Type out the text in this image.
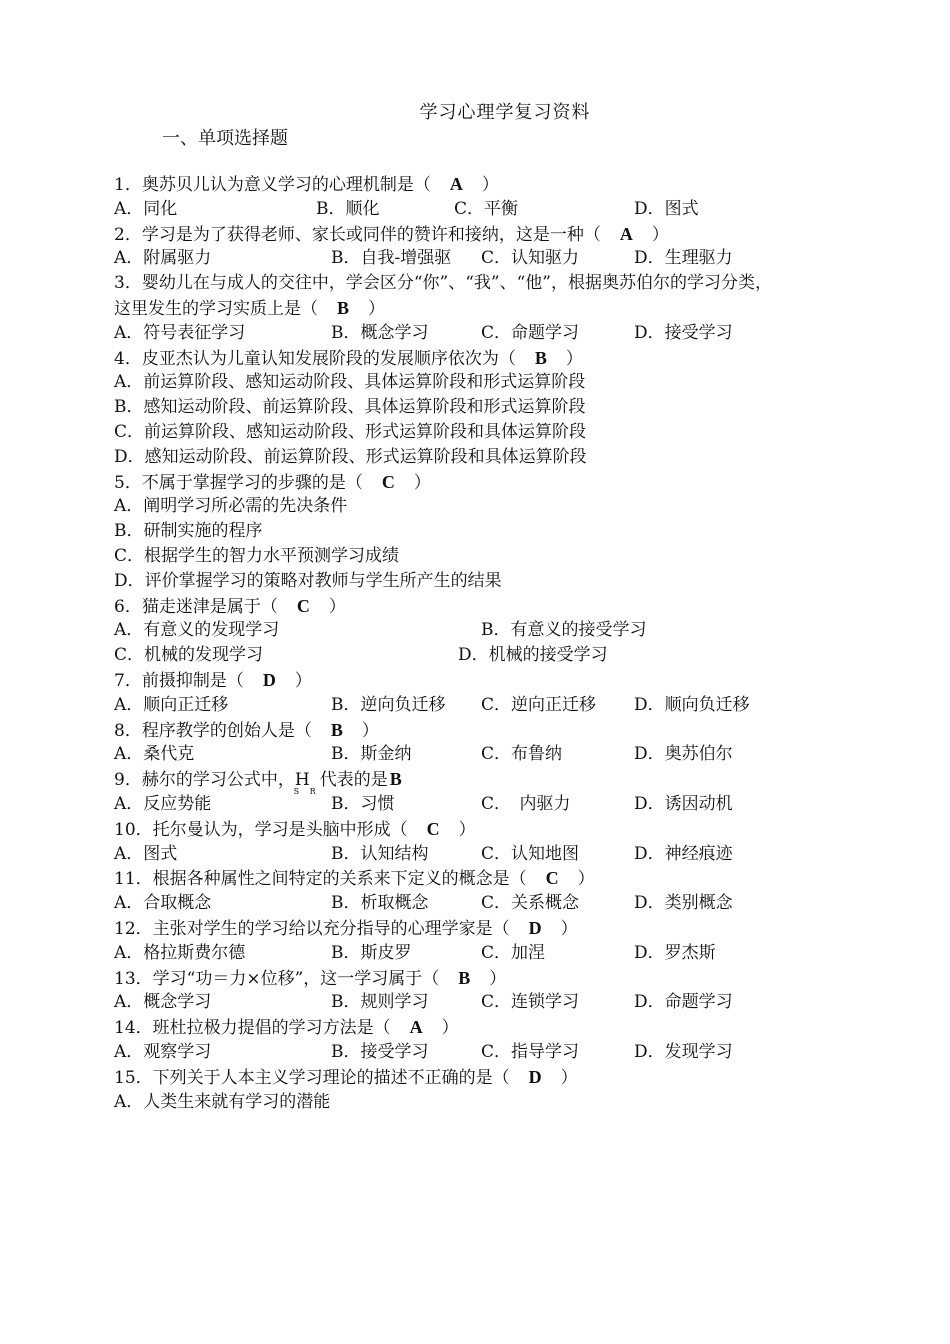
学习心理学复习资料
一、单项选择题
1．奥苏贝儿认为意义学习的心理机制是（　 A　 ）
A．同化	B．顺化	C．平衡	D．图式
2．学习是为了获得老师、家长或同伴的赞许和接纳，这是一种（　 A　 ）
A．附属驱力	B．自我-增强驱 C．认知驱力	D．生理驱力
3．婴幼儿在与成人的交往中，学会区分“你”、“我”、“他”，根据奥苏伯尔的学习分类，
这里发生的学习实质上是（　 B　 ）
A．符号表征学习	B．概念学习	C．命题学习	D．接受学习
4．皮亚杰认为儿童认知发展阶段的发展顺序依次为（　 B　 ）
A．前运算阶段、感知运动阶段、具体运算阶段和形式运算阶段
B．感知运动阶段、前运算阶段、具体运算阶段和形式运算阶段
C．前运算阶段、感知运动阶段、形式运算阶段和具体运算阶段
D．感知运动阶段、前运算阶段、形式运算阶段和具体运算阶段
5．不属于掌握学习的步骤的是（　 C　 ）
A．阐明学习所必需的先决条件
B．研制实施的程序
C．根据学生的智力水平预测学习成绩
D．评价掌握学习的策略对教师与学生所产生的结果
6．猫走迷津是属于（　 C　 ）
A．有意义的发现学习	B．有意义的接受学习
C．机械的发现学习	D．机械的接受学习
7．前摄抑制是（　 D　 ）
A．顺向正迁移	B．逆向负迁移 C．逆向正迁移 D．顺向负迁移
8．程序教学的创始人是（　 B　 ）
A．桑代克	B．斯金纳	C．布鲁纳	D．奥苏伯尔
9．赫尔的学习公式中，$H_{S R}$代表的是 B
A．反应势能	B．习惯	C．　内驱力	D．诱因动机
10．托尔曼认为，学习是头脑中形成（　 C　 ）
A．图式	B．认知结构	C．认知地图	D．神经痕迹
11．根据各种属性之间特定的关系来下定义的概念是（　 C　 ）
A．合取概念	B．析取概念	C．关系概念	D．类别概念
12．主张对学生的学习给以充分指导的心理学家是（　 D　 ）
A．格拉斯费尔德	B．斯皮罗	C．加涅	D．罗杰斯
13．学习“功＝力×位移”，这一学习属于（　 B　 ）
A．概念学习	B．规则学习	C．连锁学习	D．命题学习
14．班杜拉极力提倡的学习方法是（　 A　 ）
A．观察学习	B．接受学习	C．指导学习	D．发现学习
15．下列关于人本主义学习理论的描述不正确的是（　 D　 ）
A．人类生来就有学习的潜能
